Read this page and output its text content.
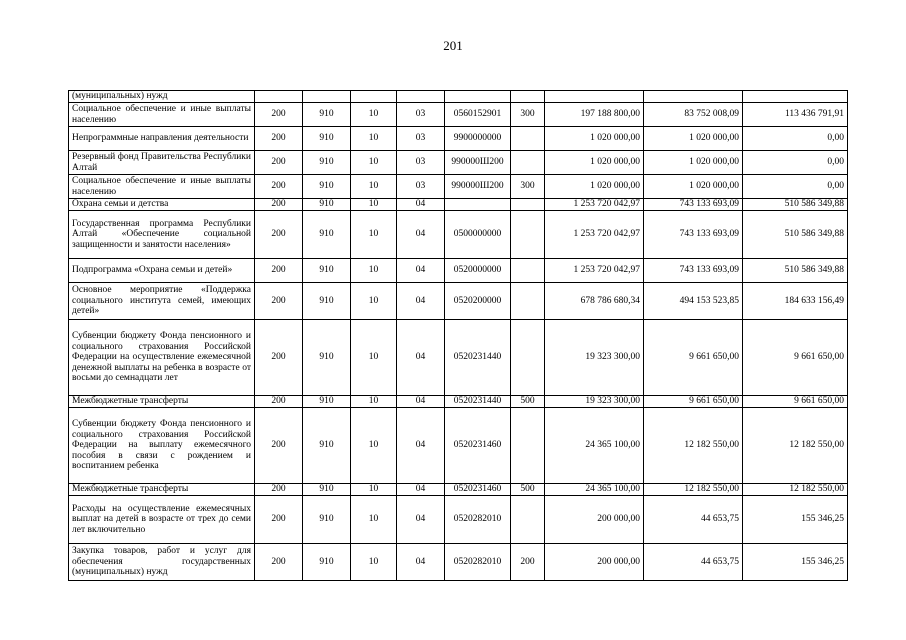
201
(муниципальных) нужд									
Социальное обеспечение и иные выплаты населению	200	910	10	03	0560152901	300	197 188 800,00	83 752 008,09	113 436 791,91
Непрограммные направления деятельности	200	910	10	03	9900000000		1 020 000,00	1 020 000,00	0,00
Резервный фонд Правительства Республики Алтай	200	910	10	03	990000Ш200		1 020 000,00	1 020 000,00	0,00
Социальное обеспечение и иные выплаты населению	200	910	10	03	990000Ш200	300	1 020 000,00	1 020 000,00	0,00
Охрана семьи и детства	200	910	10	04			1 253 720 042,97	743 133 693,09	510 586 349,88
Государственная программа Республики Алтай «Обеспечение социальной защищенности и занятости населения»	200	910	10	04	0500000000		1 253 720 042,97	743 133 693,09	510 586 349,88
Подпрограмма «Охрана семьи и детей»	200	910	10	04	0520000000		1 253 720 042,97	743 133 693,09	510 586 349,88
Основное мероприятие «Поддержка социального института семей, имеющих детей»	200	910	10	04	0520200000		678 786 680,34	494 153 523,85	184 633 156,49
Субвенции бюджету Фонда пенсионного и социального страхования Российской Федерации на осуществление ежемесячной денежной выплаты на ребенка в возрасте от восьми до семнадцати лет	200	910	10	04	0520231440		19 323 300,00	9 661 650,00	9 661 650,00
Межбюджетные трансферты	200	910	10	04	0520231440	500	19 323 300,00	9 661 650,00	9 661 650,00
Субвенции бюджету Фонда пенсионного и социального страхования Российской Федерации на выплату ежемесячного пособия в связи с рождением и воспитанием ребенка	200	910	10	04	0520231460		24 365 100,00	12 182 550,00	12 182 550,00
Межбюджетные трансферты	200	910	10	04	0520231460	500	24 365 100,00	12 182 550,00	12 182 550,00
Расходы на осуществление ежемесячных выплат на детей в возрасте от трех до семи лет включительно	200	910	10	04	0520282010		200 000,00	44 653,75	155 346,25
Закупка товаров, работ и услуг для обеспечения государственных (муниципальных) нужд	200	910	10	04	0520282010	200	200 000,00	44 653,75	155 346,25
